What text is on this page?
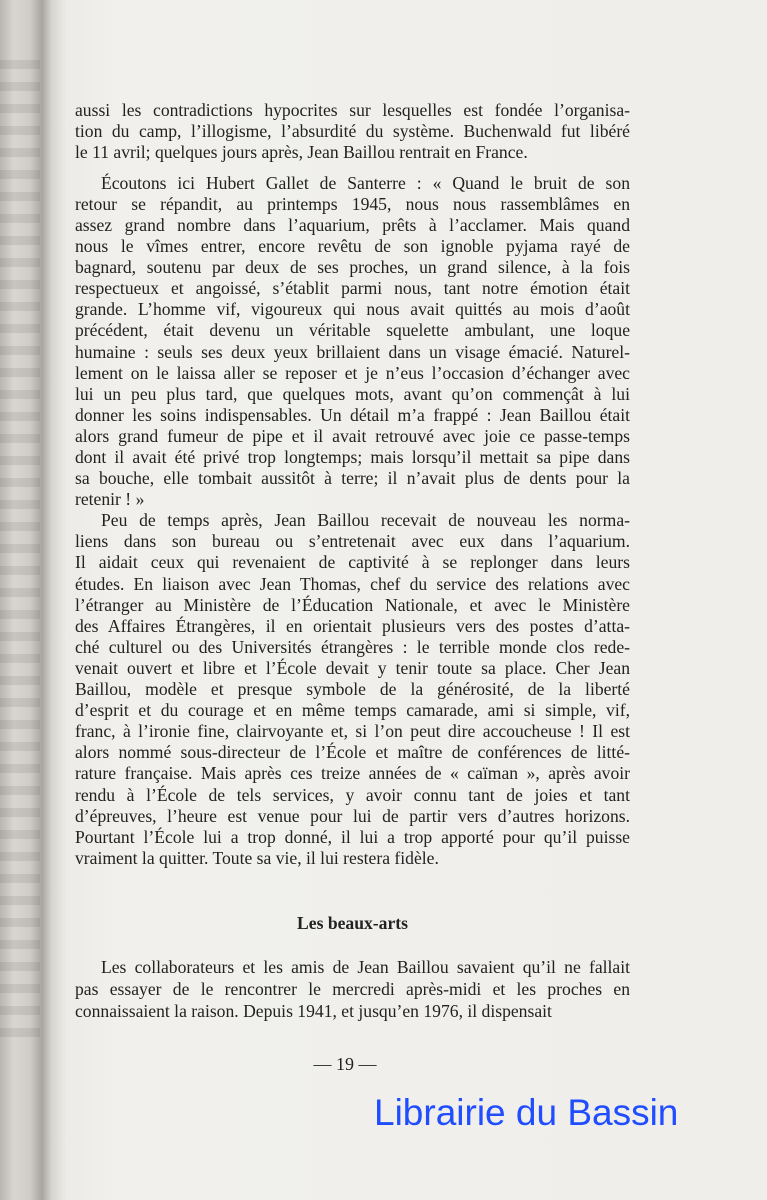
aussi les contradictions hypocrites sur lesquelles est fondée l’organisa-
tion du camp, l’illogisme, l’absurdité du système. Buchenwald fut libéré
le 11 avril; quelques jours après, Jean Baillou rentrait en France.
Écoutons ici Hubert Gallet de Santerre : « Quand le bruit de son
retour se répandit, au printemps 1945, nous nous rassemblâmes en
assez grand nombre dans l’aquarium, prêts à l’acclamer. Mais quand
nous le vîmes entrer, encore revêtu de son ignoble pyjama rayé de
bagnard, soutenu par deux de ses proches, un grand silence, à la fois
respectueux et angoissé, s’établit parmi nous, tant notre émotion était
grande. L’homme vif, vigoureux qui nous avait quittés au mois d’août
précédent, était devenu un véritable squelette ambulant, une loque
humaine : seuls ses deux yeux brillaient dans un visage émacié. Naturel-
lement on le laissa aller se reposer et je n’eus l’occasion d’échanger avec
lui un peu plus tard, que quelques mots, avant qu’on commençât à lui
donner les soins indispensables. Un détail m’a frappé : Jean Baillou était
alors grand fumeur de pipe et il avait retrouvé avec joie ce passe-temps
dont il avait été privé trop longtemps; mais lorsqu’il mettait sa pipe dans
sa bouche, elle tombait aussitôt à terre; il n’avait plus de dents pour la
retenir ! »
Peu de temps après, Jean Baillou recevait de nouveau les norma-
liens dans son bureau ou s’entretenait avec eux dans l’aquarium.
Il aidait ceux qui revenaient de captivité à se replonger dans leurs
études. En liaison avec Jean Thomas, chef du service des relations avec
l’étranger au Ministère de l’Éducation Nationale, et avec le Ministère
des Affaires Étrangères, il en orientait plusieurs vers des postes d’atta-
ché culturel ou des Universités étrangères : le terrible monde clos rede-
venait ouvert et libre et l’École devait y tenir toute sa place. Cher Jean
Baillou, modèle et presque symbole de la générosité, de la liberté
d’esprit et du courage et en même temps camarade, ami si simple, vif,
franc, à l’ironie fine, clairvoyante et, si l’on peut dire accoucheuse ! Il est
alors nommé sous-directeur de l’École et maître de conférences de litté-
rature française. Mais après ces treize années de « caïman », après avoir
rendu à l’École de tels services, y avoir connu tant de joies et tant
d’épreuves, l’heure est venue pour lui de partir vers d’autres horizons.
Pourtant l’École lui a trop donné, il lui a trop apporté pour qu’il puisse
vraiment la quitter. Toute sa vie, il lui restera fidèle.
Les beaux-arts
Les collaborateurs et les amis de Jean Baillou savaient qu’il ne fallait
pas essayer de le rencontrer le mercredi après-midi et les proches en
connaissaient la raison. Depuis 1941, et jusqu’en 1976, il dispensait
— 19 —
Librairie du Bassin
